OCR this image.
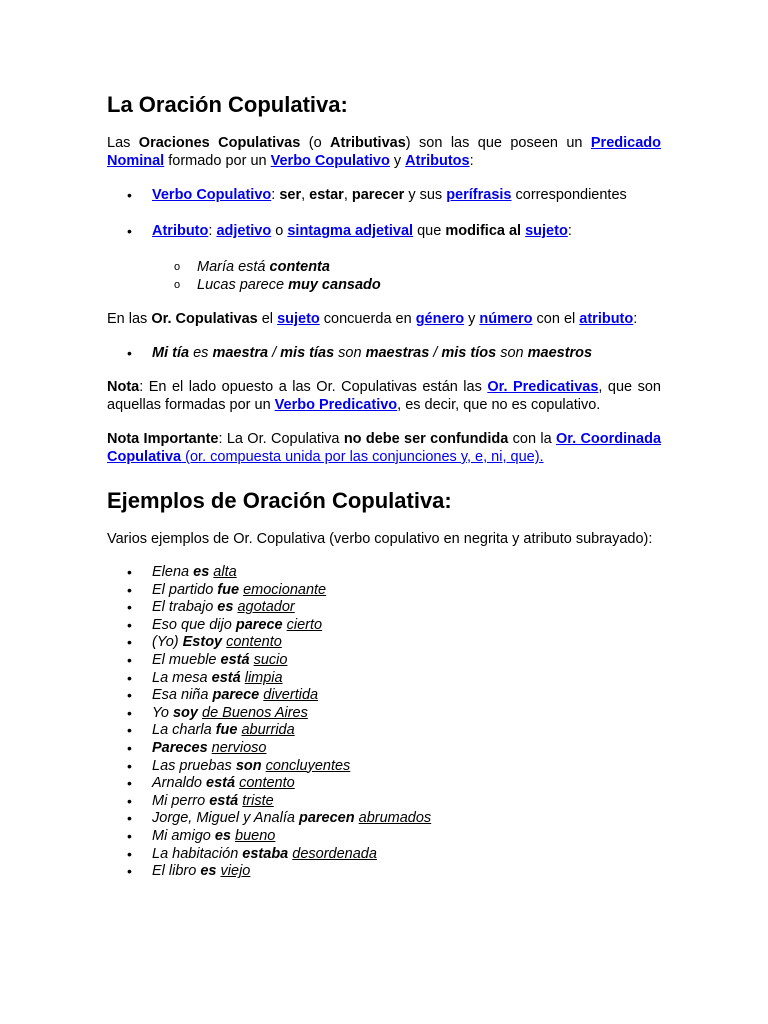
La Oración Copulativa:

Las Oraciones Copulativas (o Atributivas) son las que poseen un Predicado Nominal formado por un Verbo Copulativo y Atributos:

• Verbo Copulativo: ser, estar, parecer y sus perífrasis correspondientes
• Atributo: adjetivo o sintagma adjetival que modifica al sujeto:
o María está contenta
o Lucas parece muy cansado

En las Or. Copulativas el sujeto concuerda en género y número con el atributo:

• Mi tía es maestra / mis tías son maestras / mis tíos son maestros

Nota: En el lado opuesto a las Or. Copulativas están las Or. Predicativas, que son aquellas formadas por un Verbo Predicativo, es decir, que no es copulativo.

Nota Importante: La Or. Copulativa no debe ser confundida con la Or. Coordinada Copulativa (or. compuesta unida por las conjunciones y, e, ni, que).

Ejemplos de Oración Copulativa:

Varios ejemplos de Or. Copulativa (verbo copulativo en negrita y atributo subrayado):

• Elena es alta
• El partido fue emocionante
• El trabajo es agotador
• Eso que dijo parece cierto
• (Yo) Estoy contento
• El mueble está sucio
• La mesa está limpia
• Esa niña parece divertida
• Yo soy de Buenos Aires
• La charla fue aburrida
• Pareces nervioso
• Las pruebas son concluyentes
• Arnaldo está contento
• Mi perro está triste
• Jorge, Miguel y Analía parecen abrumados
• Mi amigo es bueno
• La habitación estaba desordenada
• El libro es viejo
